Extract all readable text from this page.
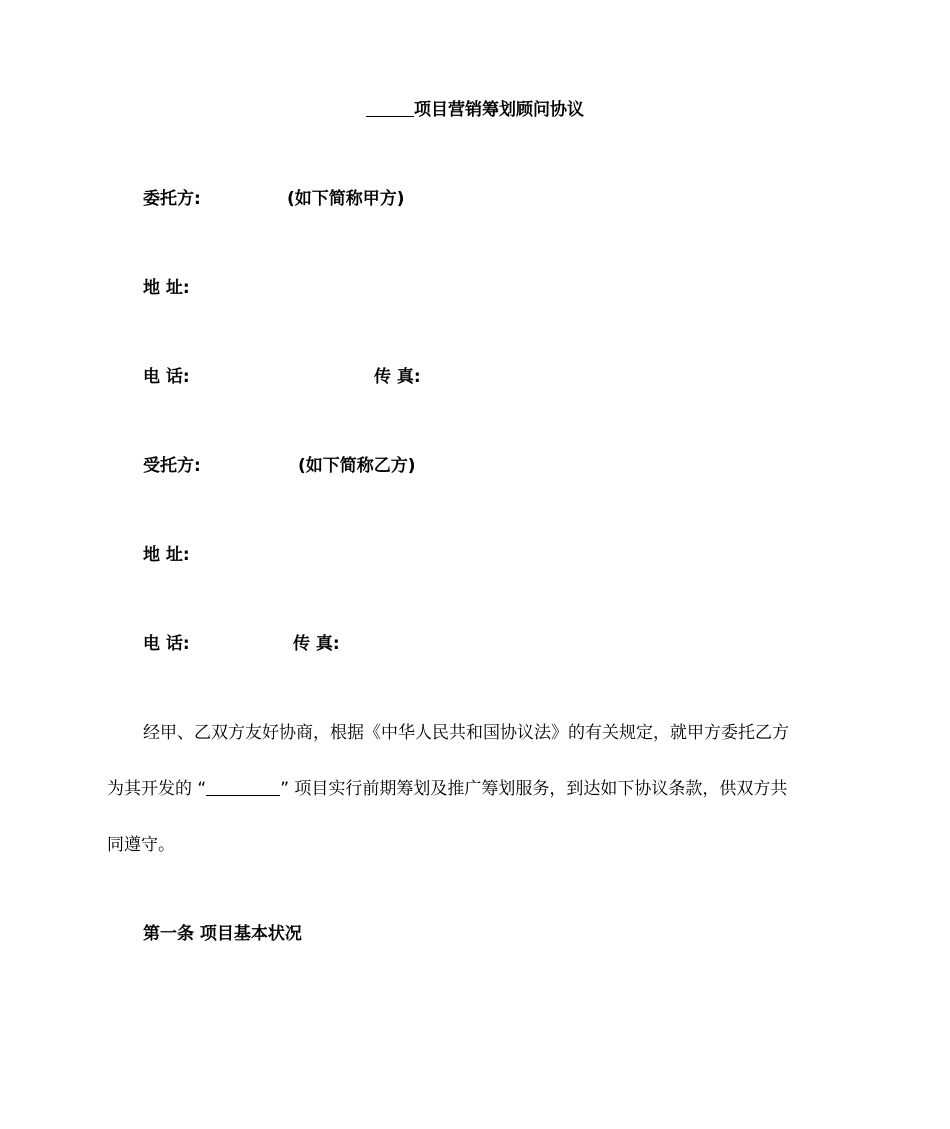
项目营销筹划顾问协议
委托方:	(如下简称甲方)
地 址:
电 话:	传 真:
受托方:	(如下简称乙方)
地 址:
电 话:	传 真:
经甲、乙双方友好协商，根据《中华人民共和国协议法》的有关规定，就甲方委托乙方
为其开发的 “	” 项目实行前期筹划及推广筹划服务，到达如下协议条款，供双方共
同遵守。
第一条 项目基本状况
